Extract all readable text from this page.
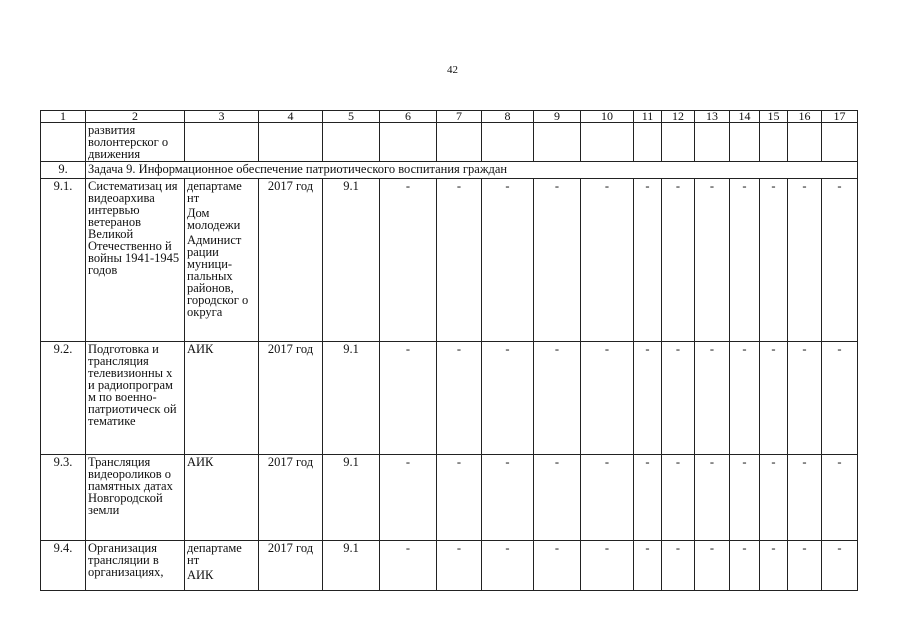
42
1	2	3	4	5	6	7	8	9	10	11	12	13	14	15	16	17
	развития волонтерског о движения															
9.	Задача 9. Информационное обеспечение патриотического воспитания граждан															
9.1.	Систематизац ия видеоархива интервью ветеранов Великой Отечественно й войны 1941-1945 годов	департаме нт
Дом молодежи
Админист рации муници-пальных районов, городског о округа	2017 год	9.1	-	-	-	-	-	-	-	-	-	-	-	-
9.2.	Подготовка и трансляция телевизионны х и радиопрограм м по военно-патриотическ ой тематике	АИК	2017 год	9.1	-	-	-	-	-	-	-	-	-	-	-	-
9.3.	Трансляция видеороликов о памятных датах Новгородской земли	АИК	2017 год	9.1	-	-	-	-	-	-	-	-	-	-	-	-
9.4.	Организация трансляции в организациях,	департаме нт
АИК	2017 год	9.1	-	-	-	-	-	-	-	-	-	-	-	-
